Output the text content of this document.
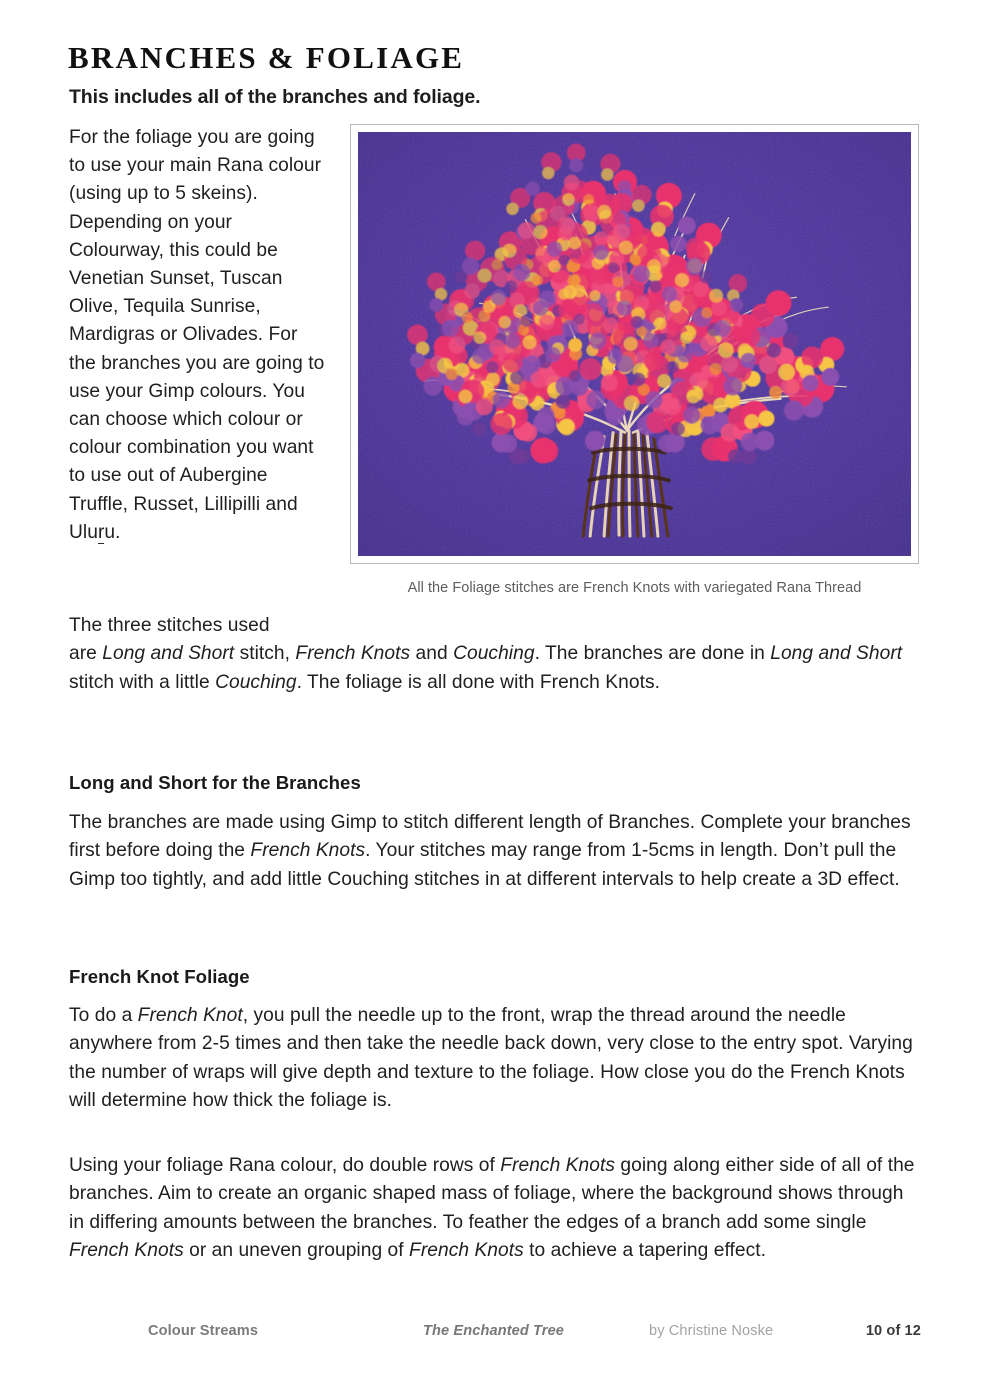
BRANCHES & FOLIAGE
This includes all of the branches and foliage.
All the Foliage stitches are French Knots with variegated Rana Thread
For the foliage you are going to use your main Rana colour (using up to 5 skeins). Depending on your Colourway, this could be Venetian Sunset, Tuscan Olive, Tequila Sunrise, Mardigras or Olivades. For the branches you are going to use your Gimp colours. You can choose which colour or colour combination you want to use out of Aubergine Truffle, Russet, Lillipilli and Uluru.
The three stitches used
are Long and Short stitch, French Knots and Couching. The branches are done in Long and Short stitch with a little Couching. The foliage is all done with French Knots.
Long and Short for the Branches
The branches are made using Gimp to stitch different length of Branches. Complete your branches first before doing the French Knots. Your stitches may range from 1-5cms in length. Don’t pull the Gimp too tightly, and add little Couching stitches in at different intervals to help create a 3D effect.
French Knot Foliage
To do a French Knot, you pull the needle up to the front, wrap the thread around the needle anywhere from 2-5 times and then take the needle back down, very close to the entry spot. Varying the number of wraps will give depth and texture to the foliage. How close you do the French Knots will determine how thick the foliage is.
Using your foliage Rana colour, do double rows of French Knots going along either side of all of the branches. Aim to create an organic shaped mass of foliage, where the background shows through in differing amounts between the branches. To feather the edges of a branch add some single French Knots or an uneven grouping of French Knots to achieve a tapering effect.
Colour Streams	The Enchanted Tree	by Christine Noske	10 of 12
